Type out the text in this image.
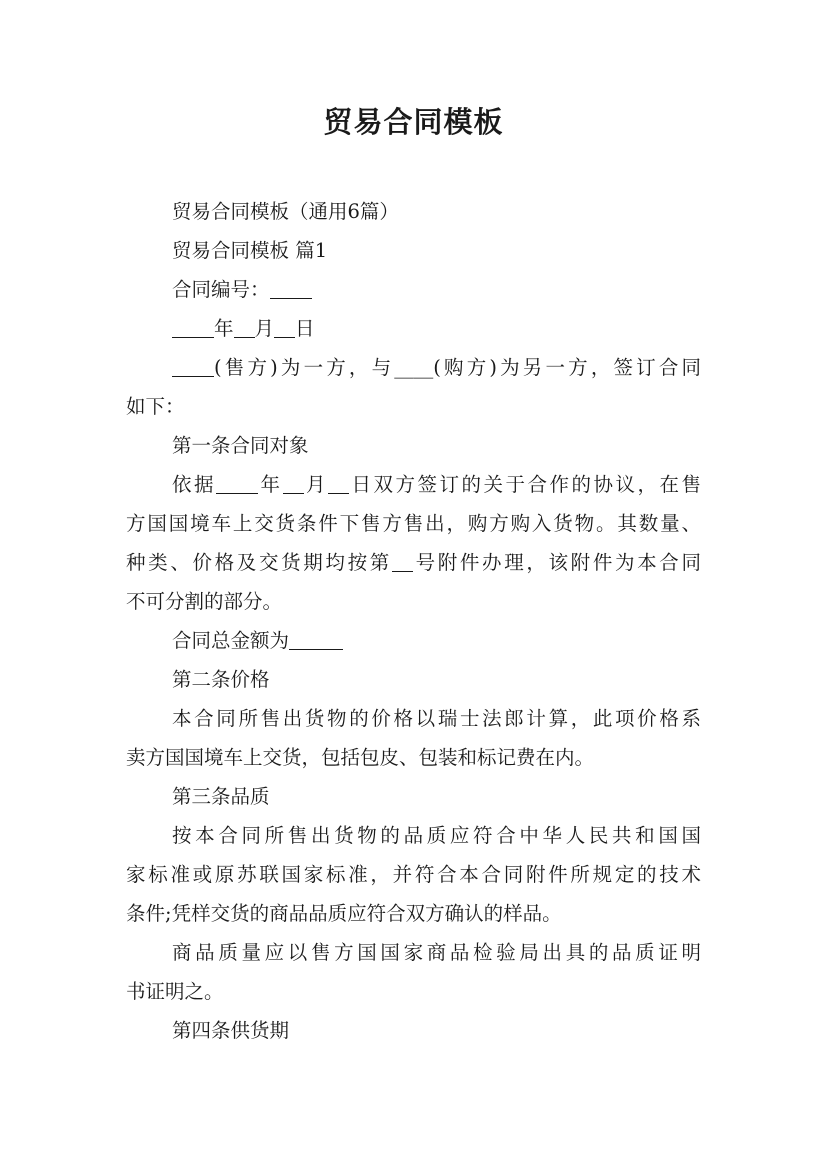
贸易合同模板
贸易合同模板（通用6篇）
贸易合同模板 篇1
合同编号：
年 月 日
(售方)为一方，与____(购方)为另一方，签订合同
如下：
第一条合同对象
依据 年 月 日双方签订的关于合作的协议，在售
方国国境车上交货条件下售方售出，购方购入货物。其数量、
种类、价格及交货期均按第 号附件办理，该附件为本合同
不可分割的部分。
合同总金额为
第二条价格
本合同所售出货物的价格以瑞士法郎计算，此项价格系
卖方国国境车上交货，包括包皮、包装和标记费在内。
第三条品质
按本合同所售出货物的品质应符合中华人民共和国国
家标准或原苏联国家标准，并符合本合同附件所规定的技术
条件;凭样交货的商品品质应符合双方确认的样品。
商品质量应以售方国国家商品检验局出具的品质证明
书证明之。
第四条供货期
